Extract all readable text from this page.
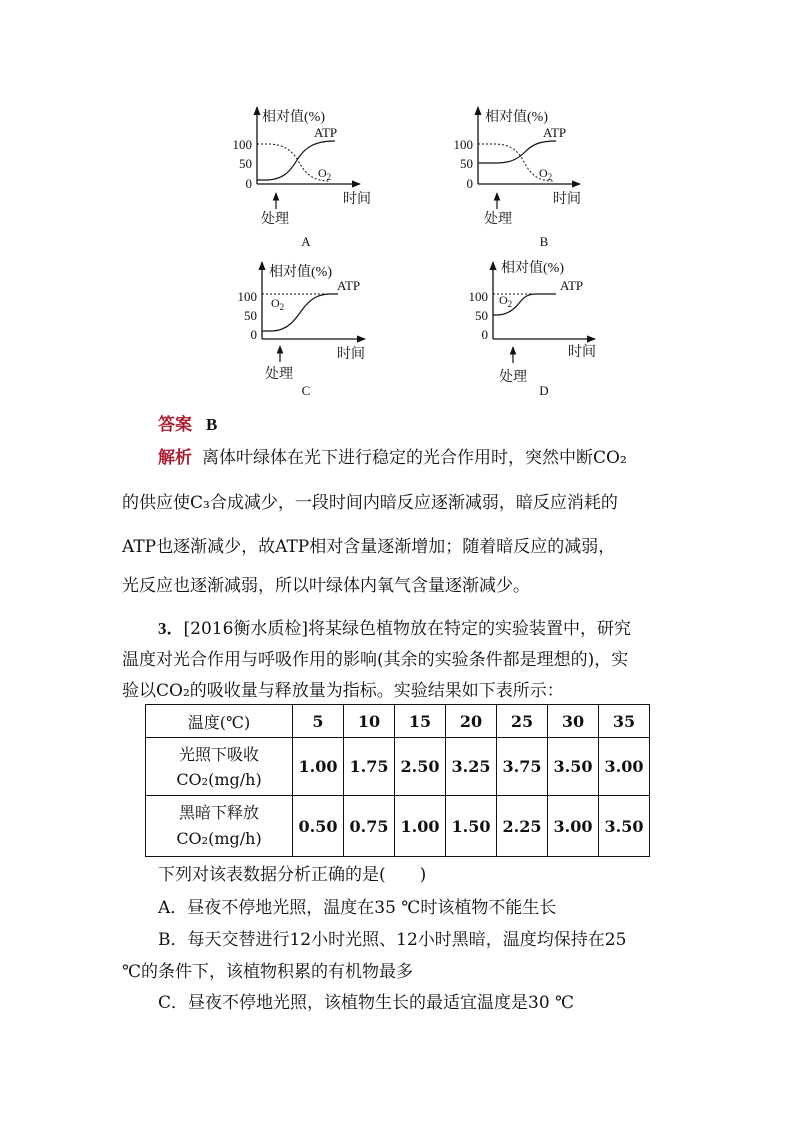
相对值(%)
100
50
0
ATP
$O_2$
时间
处理
A
相对值(%)
100
50
0
ATP
$O_2$
时间
处理
B
相对值(%)
100
50
0
ATP
$O_2$
时间
处理
C
相对值(%)
100
50
0
ATP
$O_2$
时间
处理
D
答案 B
解析 离体叶绿体在光下进行稳定的光合作用时，突然中断CO₂
的供应使C₃合成减少，一段时间内暗反应逐渐减弱，暗反应消耗的
ATP也逐渐减少，故ATP相对含量逐渐增加；随着暗反应的减弱，
光反应也逐渐减弱，所以叶绿体内氧气含量逐渐减少。
3．[2016衡水质检]将某绿色植物放在特定的实验装置中，研究
温度对光合作用与呼吸作用的影响(其余的实验条件都是理想的)，实
验以CO₂的吸收量与释放量为指标。实验结果如下表所示：
温度(℃)	5	10	15	20	25	30	35

光照下吸收
CO₂(mg/h)	1.00	1.75	2.50	3.25	3.75	3.50	3.00

黑暗下释放
CO₂(mg/h)	0.50	0.75	1.00	1.50	2.25	3.00	3.50
下列对该表数据分析正确的是(　　)
A．昼夜不停地光照，温度在35 ℃时该植物不能生长
B．每天交替进行12小时光照、12小时黑暗，温度均保持在25
℃的条件下，该植物积累的有机物最多
C．昼夜不停地光照，该植物生长的最适宜温度是30 ℃
